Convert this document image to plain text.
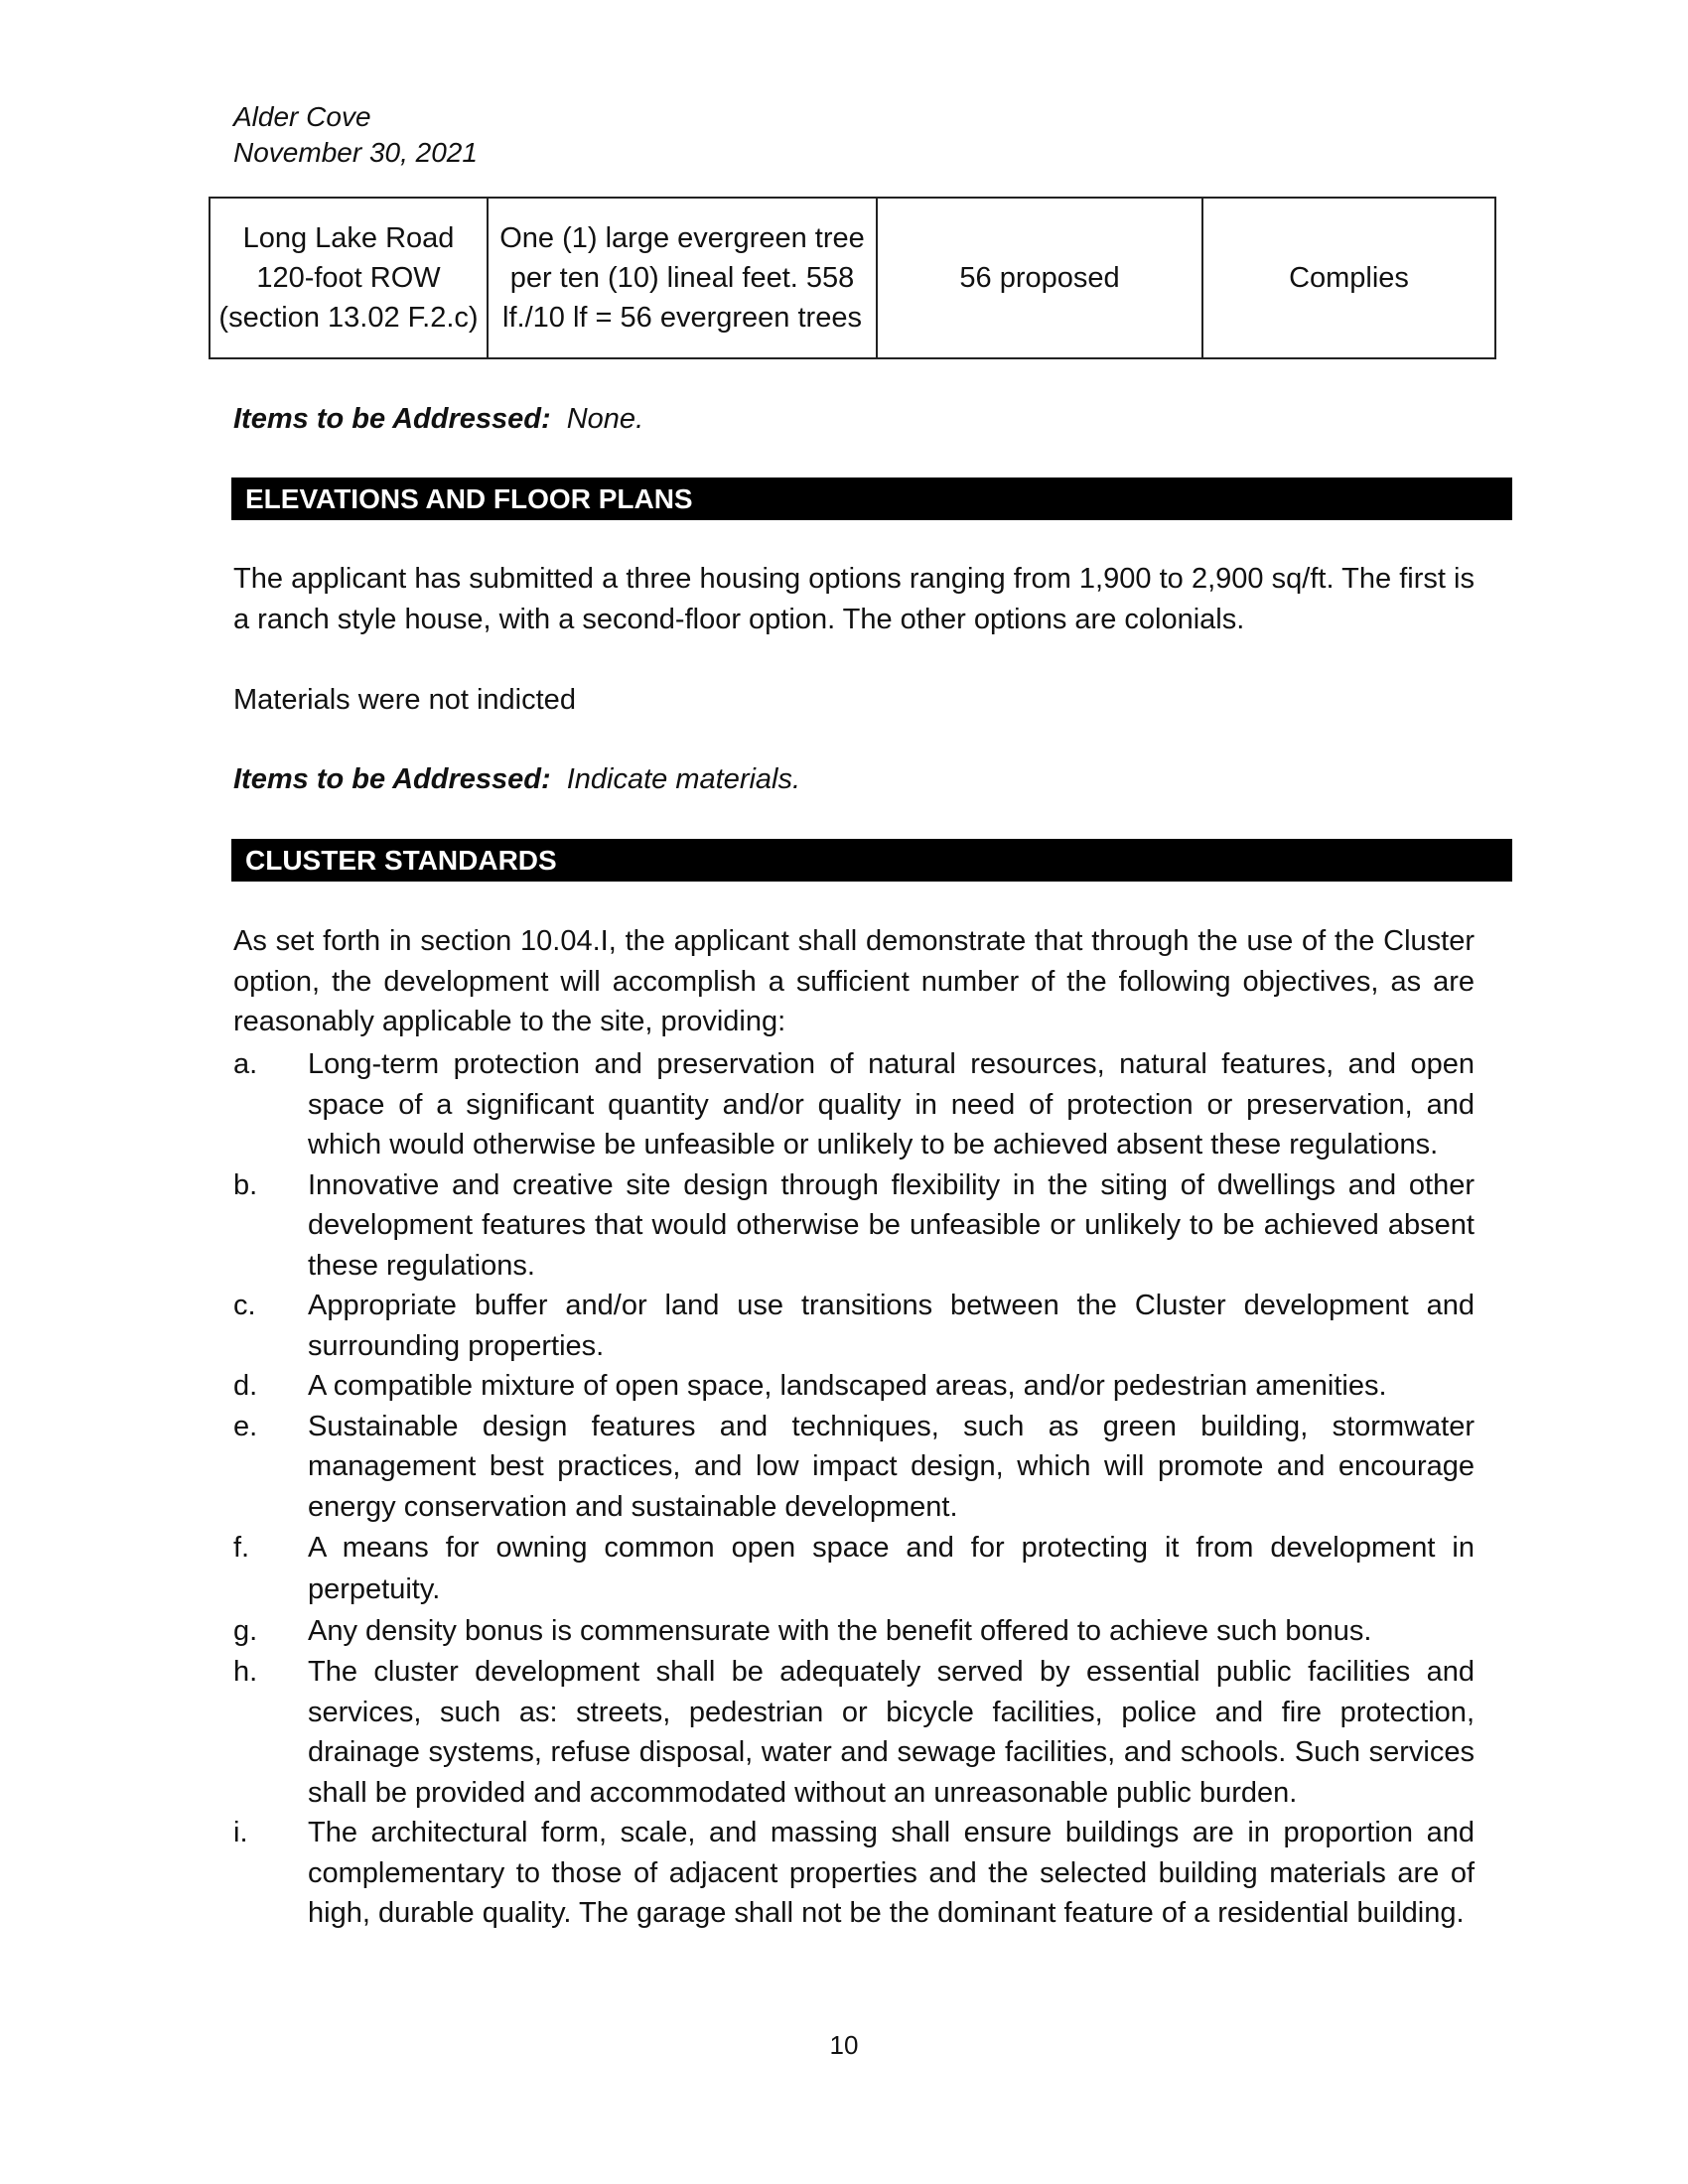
Alder Cove
November 30, 2021
Long Lake Road 120-foot ROW (section 13.02 F.2.c)	One (1) large evergreen tree per ten (10) lineal feet. 558 lf./10 lf = 56 evergreen trees	56 proposed	Complies
Items to be Addressed: None.
ELEVATIONS AND FLOOR PLANS
The applicant has submitted a three housing options ranging from 1,900 to 2,900 sq/ft. The first is a ranch style house, with a second-floor option. The other options are colonials.
Materials were not indicted
Items to be Addressed: Indicate materials.
CLUSTER STANDARDS
As set forth in section 10.04.I, the applicant shall demonstrate that through the use of the Cluster option, the development will accomplish a sufficient number of the following objectives, as are reasonably applicable to the site, providing:
a.	Long-term protection and preservation of natural resources, natural features, and open space of a significant quantity and/or quality in need of protection or preservation, and which would otherwise be unfeasible or unlikely to be achieved absent these regulations.
b.	Innovative and creative site design through flexibility in the siting of dwellings and other development features that would otherwise be unfeasible or unlikely to be achieved absent these regulations.
c.	Appropriate buffer and/or land use transitions between the Cluster development and surrounding properties.
d.	A compatible mixture of open space, landscaped areas, and/or pedestrian amenities.
e.	Sustainable design features and techniques, such as green building, stormwater management best practices, and low impact design, which will promote and encourage energy conservation and sustainable development.
f.	A means for owning common open space and for protecting it from development in perpetuity.
g.	Any density bonus is commensurate with the benefit offered to achieve such bonus.
h.	The cluster development shall be adequately served by essential public facilities and services, such as: streets, pedestrian or bicycle facilities, police and fire protection, drainage systems, refuse disposal, water and sewage facilities, and schools. Such services shall be provided and accommodated without an unreasonable public burden.
i.	The architectural form, scale, and massing shall ensure buildings are in proportion and complementary to those of adjacent properties and the selected building materials are of high, durable quality. The garage shall not be the dominant feature of a residential building.
10
